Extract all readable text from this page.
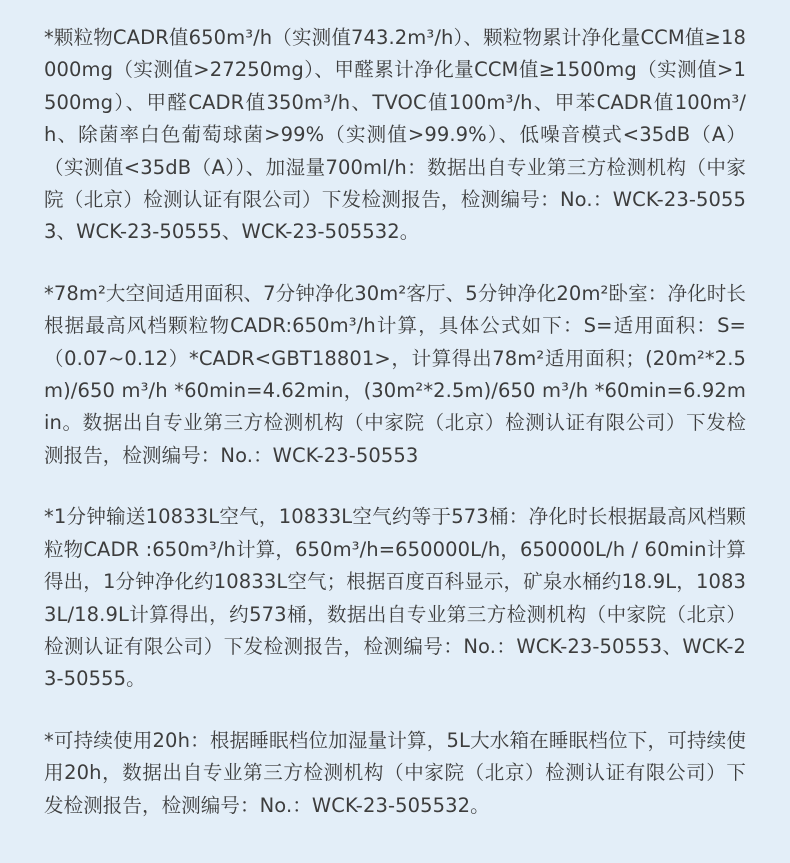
*颗粒物CADR值650m³/h（实测值743.2m³/h）、颗粒物累计净化量CCM值≥18000mg（实测值>27250mg）、甲醛累计净化量CCM值≥1500mg（实测值>1500mg）、甲醛CADR值350m³/h、TVOC值100m³/h、甲苯CADR值100m³/h、除菌率白色葡萄球菌>99%（实测值>99.9%）、低噪音模式<35dB（A）（实测值<35dB（A））、加湿量700ml/h：数据出自专业第三方检测机构（中家院（北京）检测认证有限公司）下发检测报告，检测编号：No.：WCK-23-50553、WCK-23-50555、WCK-23-505532。

*78m²大空间适用面积、7分钟净化30m²客厅、5分钟净化20m²卧室：净化时长根据最高风档颗粒物CADR:650m³/h计算，具体公式如下：S=适用面积：S=（0.07~0.12）*CADR<GBT18801>，计算得出78m²适用面积；(20m²*2.5m)/650 m³/h *60min=4.62min，(30m²*2.5m)/650 m³/h *60min=6.92min。数据出自专业第三方检测机构（中家院（北京）检测认证有限公司）下发检测报告，检测编号：No.：WCK-23-50553

*1分钟输送10833L空气，10833L空气约等于573桶：净化时长根据最高风档颗粒物CADR :650m³/h计算，650m³/h=650000L/h，650000L/h / 60min计算得出，1分钟净化约10833L空气；根据百度百科显示，矿泉水桶约18.9L，10833L/18.9L计算得出，约573桶，数据出自专业第三方检测机构（中家院（北京）检测认证有限公司）下发检测报告，检测编号：No.：WCK-23-50553、WCK-23-50555。

*可持续使用20h：根据睡眠档位加湿量计算，5L大水箱在睡眠档位下，可持续使用20h，数据出自专业第三方检测机构（中家院（北京）检测认证有限公司）下发检测报告，检测编号：No.：WCK-23-505532。
